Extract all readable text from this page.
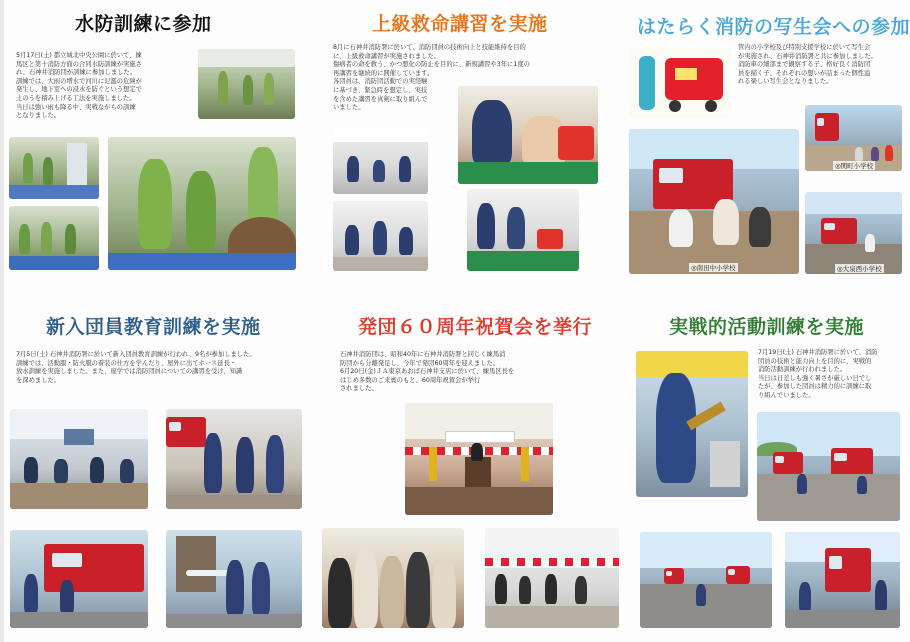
水防訓練に参加
5月17日(土) 都立城北中央公園に於いて、練
馬区と第十消防方面の合同水防訓練が実施さ
れ、石神井消防団が訓練に参加しました。
訓練では、大雨の増水で河川に氾濫の危険が
発生し、地下室への浸水を防ぐという想定で
土のうを積み上げる工法を実施しました。
当日は強い雨も降る中、実戦ながらの訓練
となりました。
上級救命講習を実施
8月に石神井消防署に於いて、消防団員の技術向上と技能維持を目的
に、上級救命講習が実施されました。
傷病者の命を救う、かつ悪化の防止を目的に、新規講習や3年に1度の
再講習を継続的に開催しています。
各団員は、消防団活動での実経験
に基づき、緊急時を想定し、実技
を含めた講習を真剣に取り組んで
いました。
はたらく消防の写生会への参加
管内の小学校及び特別支援学校に於いて写生会
が実施され、石神井消防署と共に参加しました。
消防車の細部まで観察する子、格好良く消防団
員を描く子、それぞれの想いが詰まった個性溢
れる楽しい写生会となりました。
◎関町小学校
◎南田中小学校	◎大泉西小学校
新入団員教育訓練を実施
7月5日(土) 石神井消防署に於いて新入団員教育訓練が行われ、9名が参加しました。
訓練では、活動服・防火服の着装の仕方を学んだり、屋外に出てホース延長・
放水訓練を実施しました。また、座学では消防団員についての講習を受け、知識
を深めました。
発団６０周年祝賀会を挙行
石神井消防団は、昭和40年に石神井消防署と同じく練馬消
防団から分離発足し、今年で発団60周年を迎えました。
6月20日(金)ＪＡ東京あおば石神井支店に於いて、練馬区長を
はじめ多数のご来賓のもと、60周年祝賀会が挙行
されました。
実戦的活動訓練を実施
7月19日(土) 石神井消防署に於いて、消防
団員の技術と能力向上を目的に、実戦的
消防活動訓練が行われました。
当日は日差しも強く暑さが厳しい日でし
たが、参加した団員は精力的に訓練に取
り組んでいました。
